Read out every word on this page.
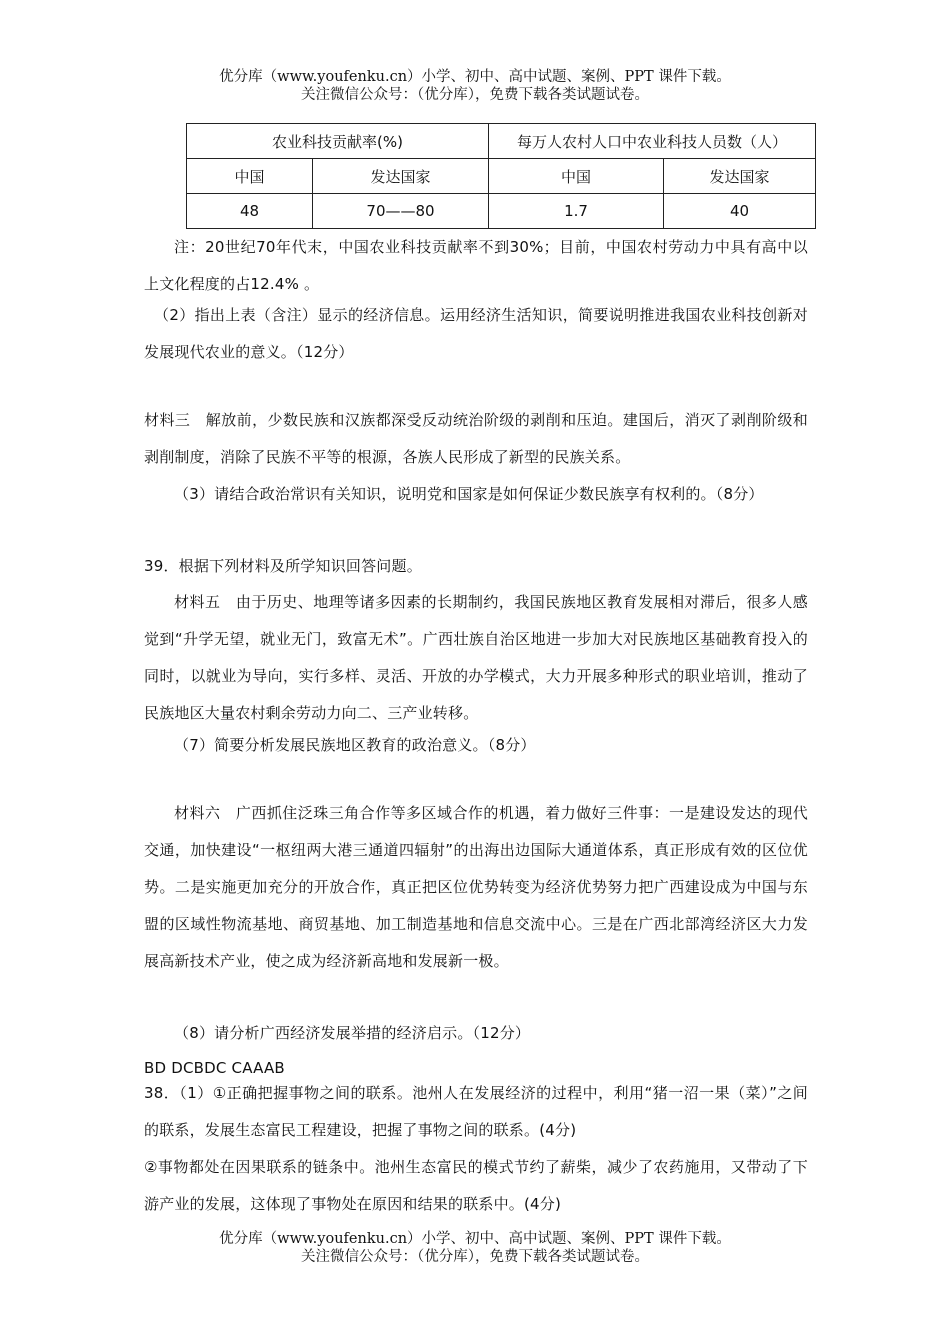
优分库（www.youfenku.cn）小学、初中、高中试题、案例、PPT 课件下载。
关注微信公众号：（优分库），免费下载各类试题试卷。
农业科技贡献率(%)		每万人农村人口中农业科技人员数（人）	
中国	发达国家	中国	发达国家
48	70——80	1.7	40
注：20世纪70年代末，中国农业科技贡献率不到30%；目前，中国农村劳动力中具有高中以上文化程度的占12.4% 。
（2）指出上表（含注）显示的经济信息。运用经济生活知识，简要说明推进我国农业科技创新对发展现代农业的意义。（12分）
材料三　解放前，少数民族和汉族都深受反动统治阶级的剥削和压迫。建国后，消灭了剥削阶级和剥削制度，消除了民族不平等的根源，各族人民形成了新型的民族关系。
（3）请结合政治常识有关知识，说明党和国家是如何保证少数民族享有权利的。（8分）
39．根据下列材料及所学知识回答问题。
材料五　由于历史、地理等诸多因素的长期制约，我国民族地区教育发展相对滞后，很多人感觉到“升学无望，就业无门，致富无术”。广西壮族自治区地进一步加大对民族地区基础教育投入的同时，以就业为导向，实行多样、灵活、开放的办学模式，大力开展多种形式的职业培训，推动了民族地区大量农村剩余劳动力向二、三产业转移。
（7）简要分析发展民族地区教育的政治意义。（8分）
材料六　广西抓住泛珠三角合作等多区域合作的机遇，着力做好三件事：一是建设发达的现代交通，加快建设“一枢纽两大港三通道四辐射”的出海出边国际大通道体系，真正形成有效的区位优势。二是实施更加充分的开放合作，真正把区位优势转变为经济优势努力把广西建设成为中国与东盟的区域性物流基地、商贸基地、加工制造基地和信息交流中心。三是在广西北部湾经济区大力发展高新技术产业，使之成为经济新高地和发展新一极。
（8）请分析广西经济发展举措的经济启示。（12分）
BD DCBDC CAAAB
38．（1）①正确把握事物之间的联系。池州人在发展经济的过程中，利用“猪一沼一果（菜）”之间的联系，发展生态富民工程建设，把握了事物之间的联系。(4分)
②事物都处在因果联系的链条中。池州生态富民的模式节约了薪柴，减少了农药施用，又带动了下游产业的发展，这体现了事物处在原因和结果的联系中。(4分)
优分库（www.youfenku.cn）小学、初中、高中试题、案例、PPT 课件下载。
关注微信公众号：（优分库），免费下载各类试题试卷。
